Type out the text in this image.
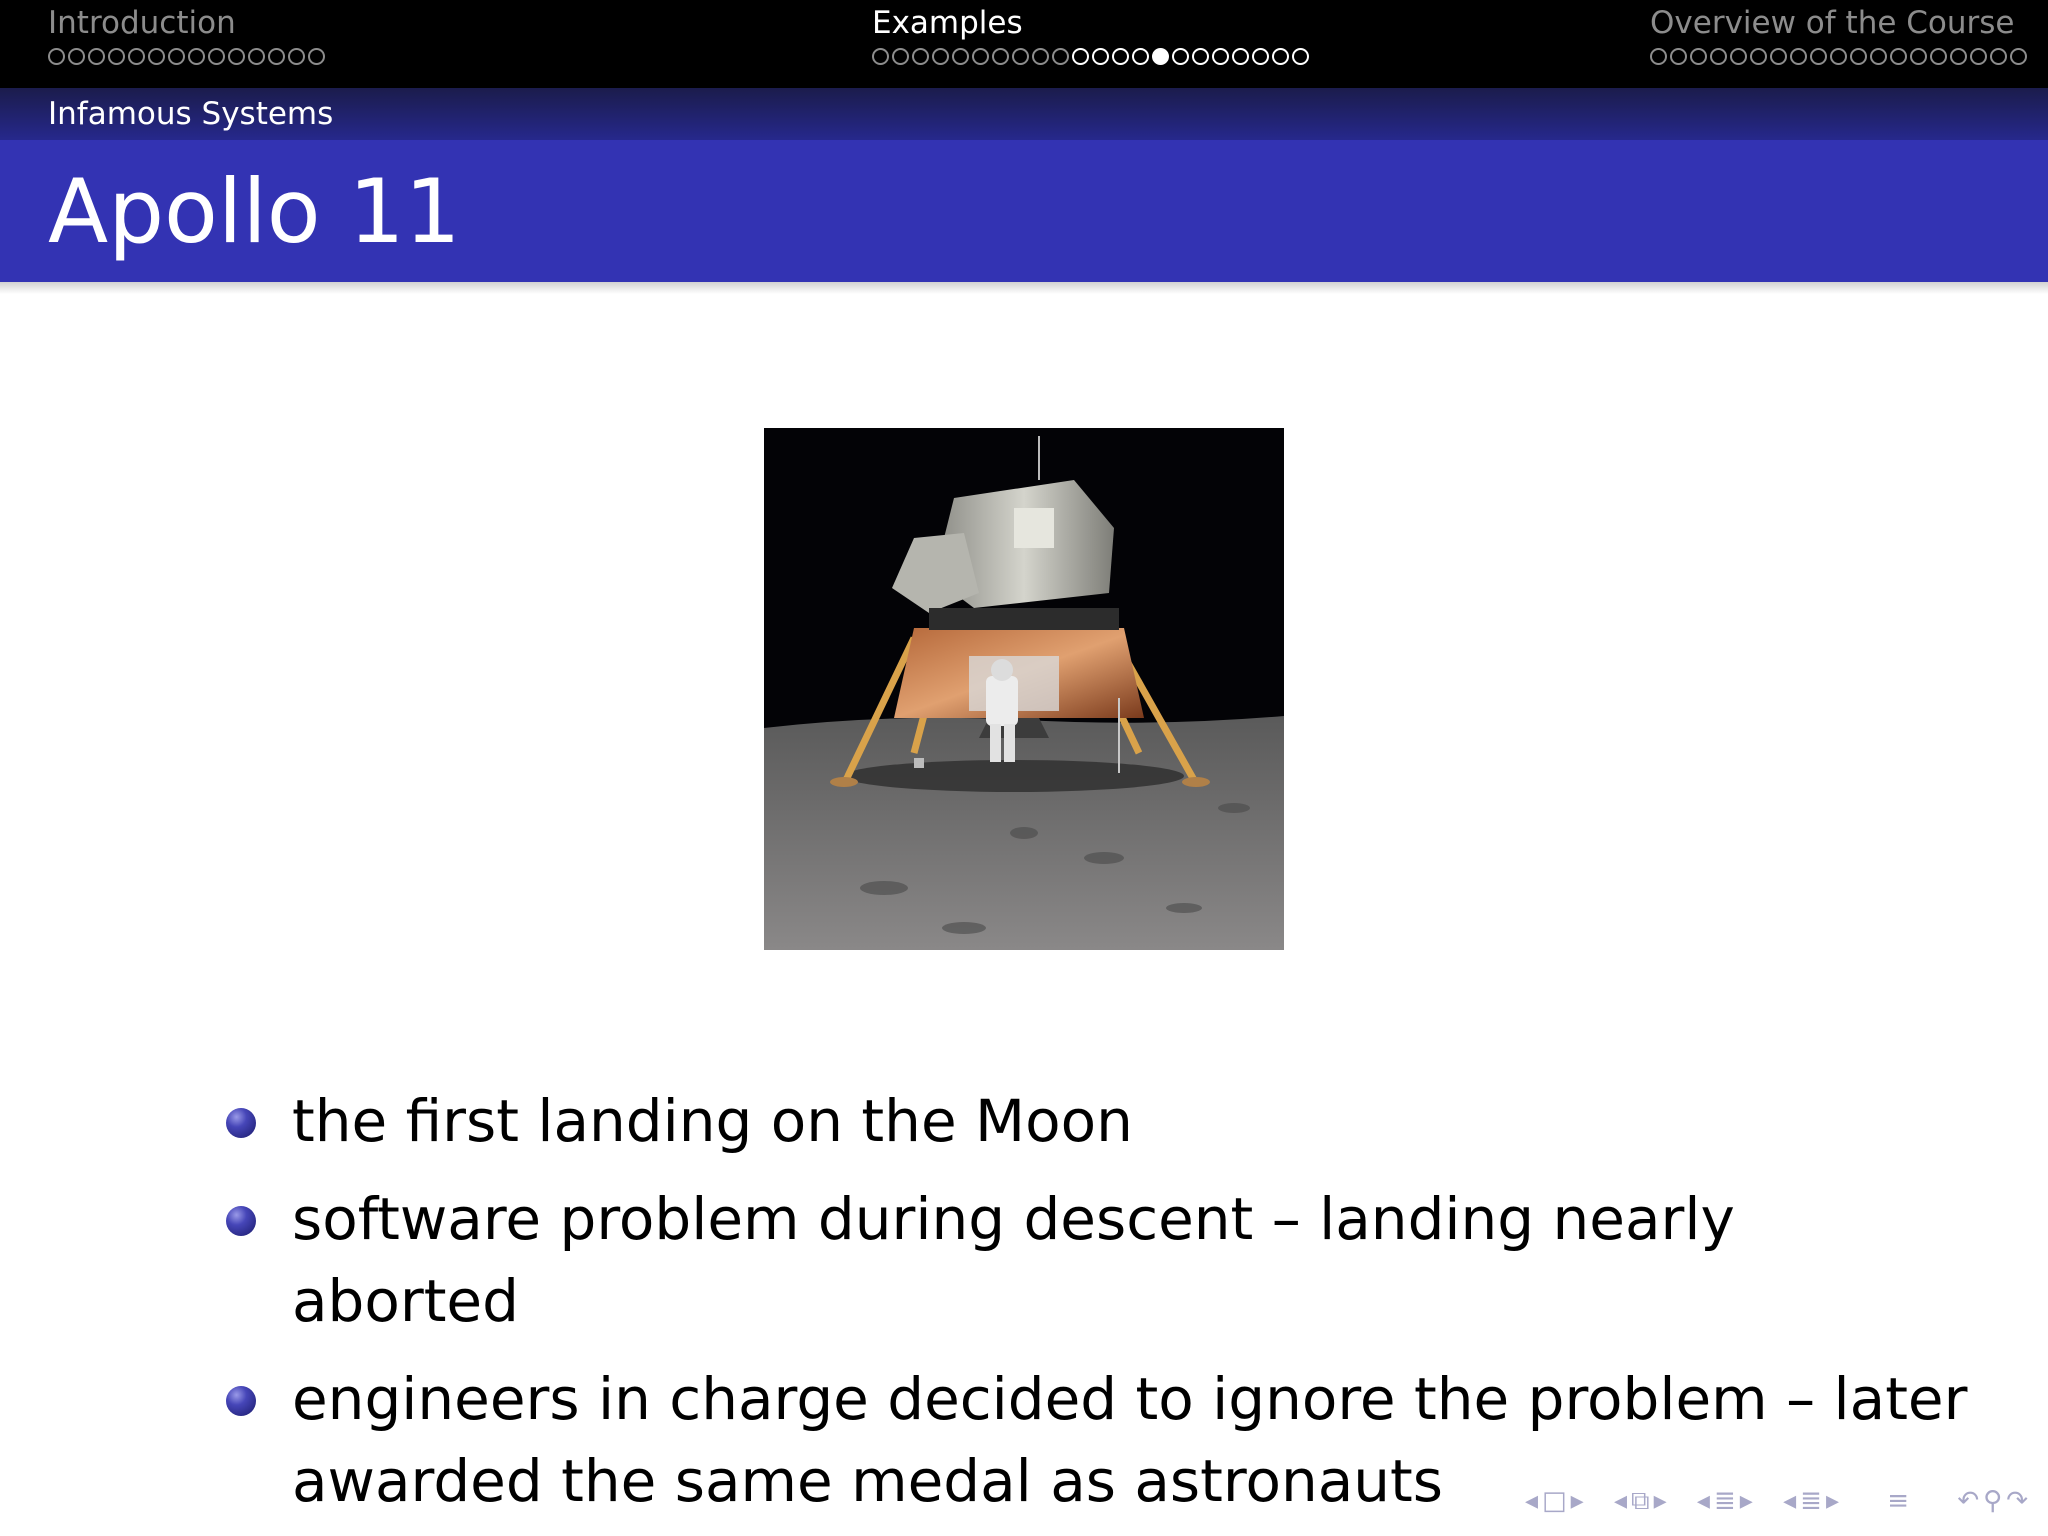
Introduction	Examples	Overview of the Course
Infamous Systems
Apollo 11
the first landing on the Moon
software problem during descent – landing nearly aborted
engineers in charge decided to ignore the problem – later awarded the same medal as astronauts	◂ □ ▸ ◂ ⧉ ▸ ◂ ≣ ▸ ◂ ≣ ▸ ≡ ↶ ⚲ ↷
